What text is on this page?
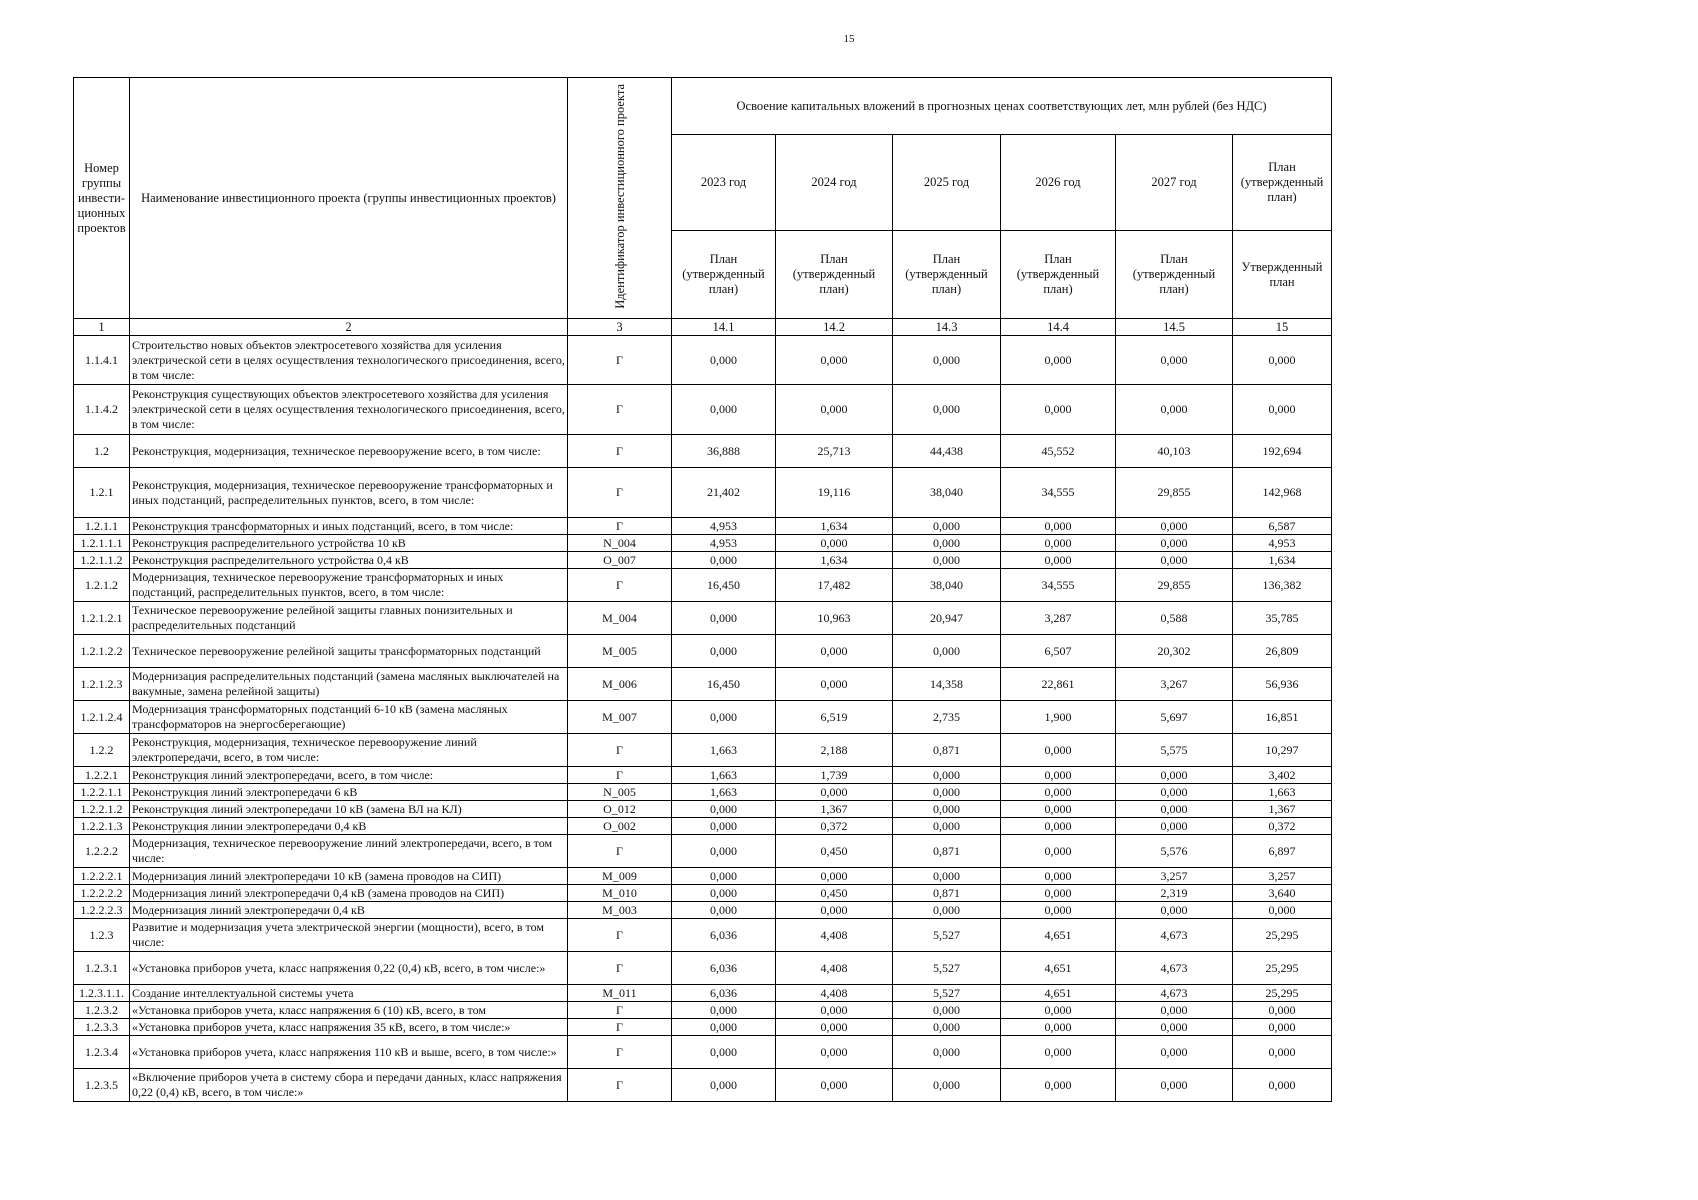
15
Номер группы инвести-ционных проектов	Наименование инвестиционного проекта (группы инвестиционных проектов)	Идентификатор инвестиционного проекта	Освоение капитальных вложений в прогнозных ценах соответствующих лет, млн рублей (без НДС)					
			2023 год	2024 год	2025 год	2026 год	2027 год	План (утвержденный план)
			План (утвержденный план)	План (утвержденный план)	План (утвержденный план)	План (утвержденный план)	План (утвержденный план)	Утвержденный план
1	2	3	14.1	14.2	14.3	14.4	14.5	15
1.1.4.1	Строительство новых объектов электросетевого хозяйства для усиления электрической сети в целях осуществления технологического присоединения, всего, в том числе:	Г	0,000	0,000	0,000	0,000	0,000	0,000
1.1.4.2	Реконструкция существующих объектов электросетевого хозяйства для усиления электрической сети в целях осуществления технологического присоединения, всего, в том числе:	Г	0,000	0,000	0,000	0,000	0,000	0,000
1.2	Реконструкция, модернизация, техническое перевооружение всего, в том числе:	Г	36,888	25,713	44,438	45,552	40,103	192,694
1.2.1	Реконструкция, модернизация, техническое перевооружение трансформаторных и иных подстанций, распределительных пунктов, всего, в том числе:	Г	21,402	19,116	38,040	34,555	29,855	142,968
1.2.1.1	Реконструкция трансформаторных и иных подстанций, всего, в том числе:	Г	4,953	1,634	0,000	0,000	0,000	6,587
1.2.1.1.1	Реконструкция распределительного устройства 10 кВ	N_004	4,953	0,000	0,000	0,000	0,000	4,953
1.2.1.1.2	Реконструкция распределительного устройства 0,4 кВ	O_007	0,000	1,634	0,000	0,000	0,000	1,634
1.2.1.2	Модернизация, техническое перевооружение трансформаторных и иных подстанций, распределительных пунктов, всего, в том числе:	Г	16,450	17,482	38,040	34,555	29,855	136,382
1.2.1.2.1	Техническое перевооружение релейной защиты главных понизительных и распределительных подстанций	M_004	0,000	10,963	20,947	3,287	0,588	35,785
1.2.1.2.2	Техническое перевооружение релейной защиты трансформаторных подстанций	M_005	0,000	0,000	0,000	6,507	20,302	26,809
1.2.1.2.3	Модернизация распределительных подстанций (замена масляных выключателей на вакумные, замена релейной защиты)	M_006	16,450	0,000	14,358	22,861	3,267	56,936
1.2.1.2.4	Модернизация трансформаторных подстанций 6-10 кВ (замена масляных трансформаторов на энергосберегающие)	M_007	0,000	6,519	2,735	1,900	5,697	16,851
1.2.2	Реконструкция, модернизация, техническое перевооружение линий электропередачи, всего, в том числе:	Г	1,663	2,188	0,871	0,000	5,575	10,297
1.2.2.1	Реконструкция линий электропередачи, всего, в том числе:	Г	1,663	1,739	0,000	0,000	0,000	3,402
1.2.2.1.1	Реконструкция линий электропередачи 6 кВ	N_005	1,663	0,000	0,000	0,000	0,000	1,663
1.2.2.1.2	Реконструкция линий электропередачи 10 кВ (замена ВЛ на КЛ)	O_012	0,000	1,367	0,000	0,000	0,000	1,367
1.2.2.1.3	Реконструкция линии электропередачи 0,4 кВ	O_002	0,000	0,372	0,000	0,000	0,000	0,372
1.2.2.2	Модернизация, техническое перевооружение линий электропередачи, всего, в том числе:	Г	0,000	0,450	0,871	0,000	5,576	6,897
1.2.2.2.1	Модернизация линий электропередачи 10 кВ (замена проводов на СИП)	M_009	0,000	0,000	0,000	0,000	3,257	3,257
1.2.2.2.2	Модернизация линий электропередачи 0,4 кВ (замена проводов на СИП)	M_010	0,000	0,450	0,871	0,000	2,319	3,640
1.2.2.2.3	Модернизация линий электропередачи 0,4 кВ	M_003	0,000	0,000	0,000	0,000	0,000	0,000
1.2.3	Развитие и модернизация учета электрической энергии (мощности), всего, в том числе:	Г	6,036	4,408	5,527	4,651	4,673	25,295
1.2.3.1	«Установка приборов учета, класс напряжения 0,22 (0,4) кВ, всего, в том числе:»	Г	6,036	4,408	5,527	4,651	4,673	25,295
1.2.3.1.1.	Создание интеллектуальной системы учета	M_011	6,036	4,408	5,527	4,651	4,673	25,295
1.2.3.2	«Установка приборов учета, класс напряжения 6 (10) кВ, всего, в том	Г	0,000	0,000	0,000	0,000	0,000	0,000
1.2.3.3	«Установка приборов учета, класс напряжения 35 кВ, всего, в том числе:»	Г	0,000	0,000	0,000	0,000	0,000	0,000
1.2.3.4	«Установка приборов учета, класс напряжения 110 кВ и выше, всего, в том числе:»	Г	0,000	0,000	0,000	0,000	0,000	0,000
1.2.3.5	«Включение приборов учета в систему сбора и передачи данных, класс напряжения 0,22 (0,4) кВ, всего, в том числе:»	Г	0,000	0,000	0,000	0,000	0,000	0,000
